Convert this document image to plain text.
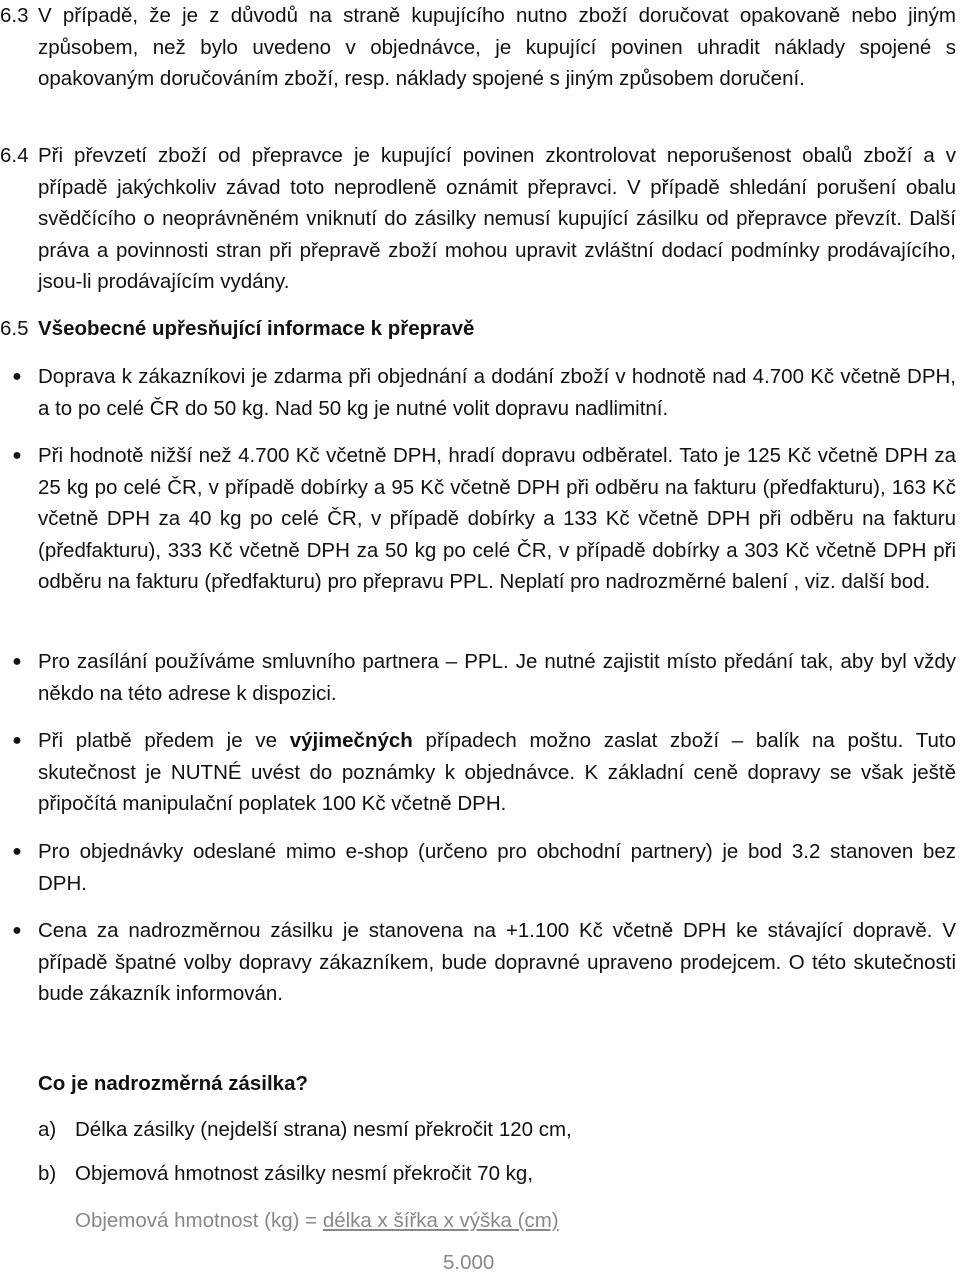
6.3 V případě, že je z důvodů na straně kupujícího nutno zboží doručovat opakovaně nebo jiným způsobem, než bylo uvedeno v objednávce, je kupující povinen uhradit náklady spojené s opakovaným doručováním zboží, resp. náklady spojené s jiným způsobem doručení.

6.4 Při převzetí zboží od přepravce je kupující povinen zkontrolovat neporušenost obalů zboží a v případě jakýchkoliv závad toto neprodleně oznámit přepravci. V případě shledání porušení obalu svědčícího o neoprávněném vniknutí do zásilky nemusí kupující zásilku od přepravce převzít. Další práva a povinnosti stran při přepravě zboží mohou upravit zvláštní dodací podmínky prodávajícího, jsou-li prodávajícím vydány.

6.5 Všeobecné upřesňující informace k přepravě

● Doprava k zákazníkovi je zdarma při objednání a dodání zboží v hodnotě nad 4.700 Kč včetně DPH, a to po celé ČR do 50 kg. Nad 50 kg je nutné volit dopravu nadlimitní.

● Při hodnotě nižší než 4.700 Kč včetně DPH, hradí dopravu odběratel. Tato je 125 Kč včetně DPH za 25 kg po celé ČR, v případě dobírky a 95 Kč včetně DPH při odběru na fakturu (předfakturu), 163 Kč včetně DPH za 40 kg po celé ČR, v případě dobírky a 133 Kč včetně DPH při odběru na fakturu (předfakturu), 333 Kč včetně DPH za 50 kg po celé ČR, v případě dobírky a 303 Kč včetně DPH při odběru na fakturu (předfakturu) pro přepravu PPL. Neplatí pro nadrozměrné balení , viz. další bod.

● Pro zasílání používáme smluvního partnera – PPL. Je nutné zajistit místo předání tak, aby byl vždy někdo na této adrese k dispozici.

● Při platbě předem je ve výjimečných případech možno zaslat zboží – balík na poštu. Tuto skutečnost je NUTNÉ uvést do poznámky k objednávce. K základní ceně dopravy se však ještě připočítá manipulační poplatek 100 Kč včetně DPH.

● Pro objednávky odeslané mimo e-shop (určeno pro obchodní partnery) je bod 3.2 stanoven bez DPH.

● Cena za nadrozměrnou zásilku je stanovena na +1.100 Kč včetně DPH ke stávající dopravě. V případě špatné volby dopravy zákazníkem, bude dopravné upraveno prodejcem. O této skutečnosti bude zákazník informován.

Co je nadrozměrná zásilka?
a) Délka zásilky (nejdelší strana) nesmí překročit 120 cm,
b) Objemová hmotnost zásilky nesmí překročit 70 kg,
Objemová hmotnost (kg) = délka x šířka x výška (cm)
5.000
